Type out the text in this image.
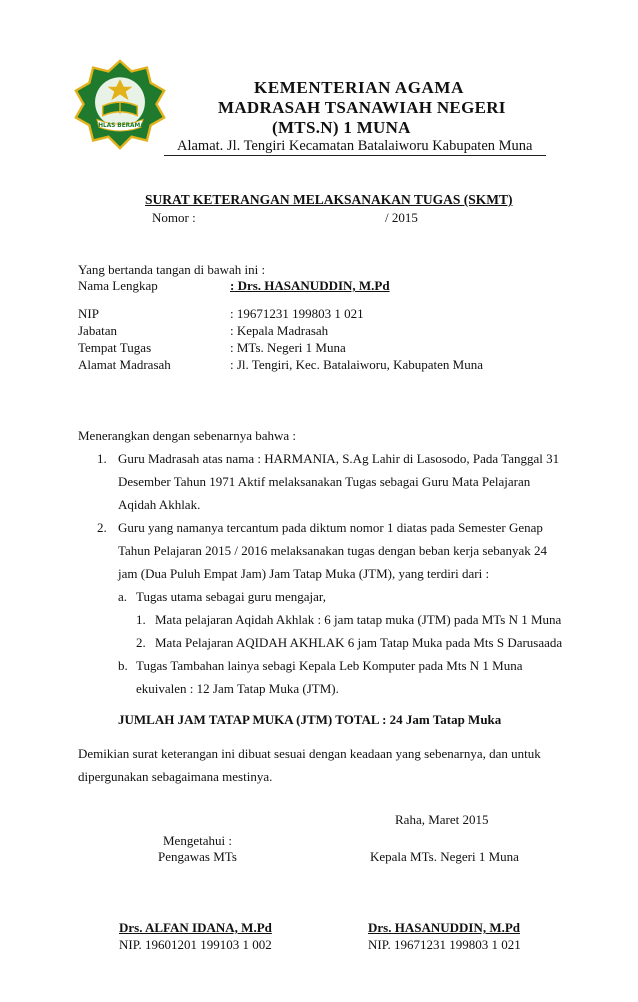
IKHLAS BERAMAL
KEMENTERIAN AGAMA
MADRASAH TSANAWIAH NEGERI
(MTS.N) 1 MUNA
Alamat. Jl. Tengiri Kecamatan Batalaiworu Kabupaten Muna
SURAT KETERANGAN MELAKSANAKAN TUGAS (SKMT)
Nomor :	/ 2015
Yang bertanda tangan di bawah ini :
Nama Lengkap	: Drs. HASANUDDIN, M.Pd
NIP	: 19671231 199803 1 021
Jabatan	: Kepala Madrasah
Tempat Tugas	: MTs. Negeri 1 Muna
Alamat Madrasah	: Jl. Tengiri, Kec. Batalaiworu, Kabupaten Muna
Menerangkan dengan sebenarnya bahwa :
1. Guru Madrasah atas nama : HARMANIA, S.Ag Lahir di Lasosodo, Pada Tanggal 31
Desember Tahun 1971 Aktif melaksanakan Tugas sebagai Guru Mata Pelajaran
Aqidah Akhlak.
2. Guru yang namanya tercantum pada diktum nomor 1 diatas pada Semester Genap
Tahun Pelajaran 2015 / 2016 melaksanakan tugas dengan beban kerja sebanyak 24
jam (Dua Puluh Empat Jam) Jam Tatap Muka (JTM), yang terdiri dari :
a. Tugas utama sebagai guru mengajar,
1. Mata pelajaran Aqidah Akhlak : 6 jam tatap muka (JTM) pada MTs N 1 Muna
2. Mata Pelajaran AQIDAH AKHLAK 6 jam Tatap Muka pada Mts S Darusaada
b. Tugas Tambahan lainya sebagi Kepala Leb Komputer pada Mts N 1 Muna
ekuivalen : 12 Jam Tatap Muka (JTM).
JUMLAH JAM TATAP MUKA (JTM) TOTAL : 24 Jam Tatap Muka
Demikian surat keterangan ini dibuat sesuai dengan keadaan yang sebenarnya, dan untuk
dipergunakan sebagaimana mestinya.
Raha, Maret 2015
Mengetahui :
Pengawas MTs	Kepala MTs. Negeri 1 Muna
Drs. ALFAN IDANA, M.Pd
NIP. 19601201 199103 1 002
Drs. HASANUDDIN, M.Pd
NIP. 19671231 199803 1 021
